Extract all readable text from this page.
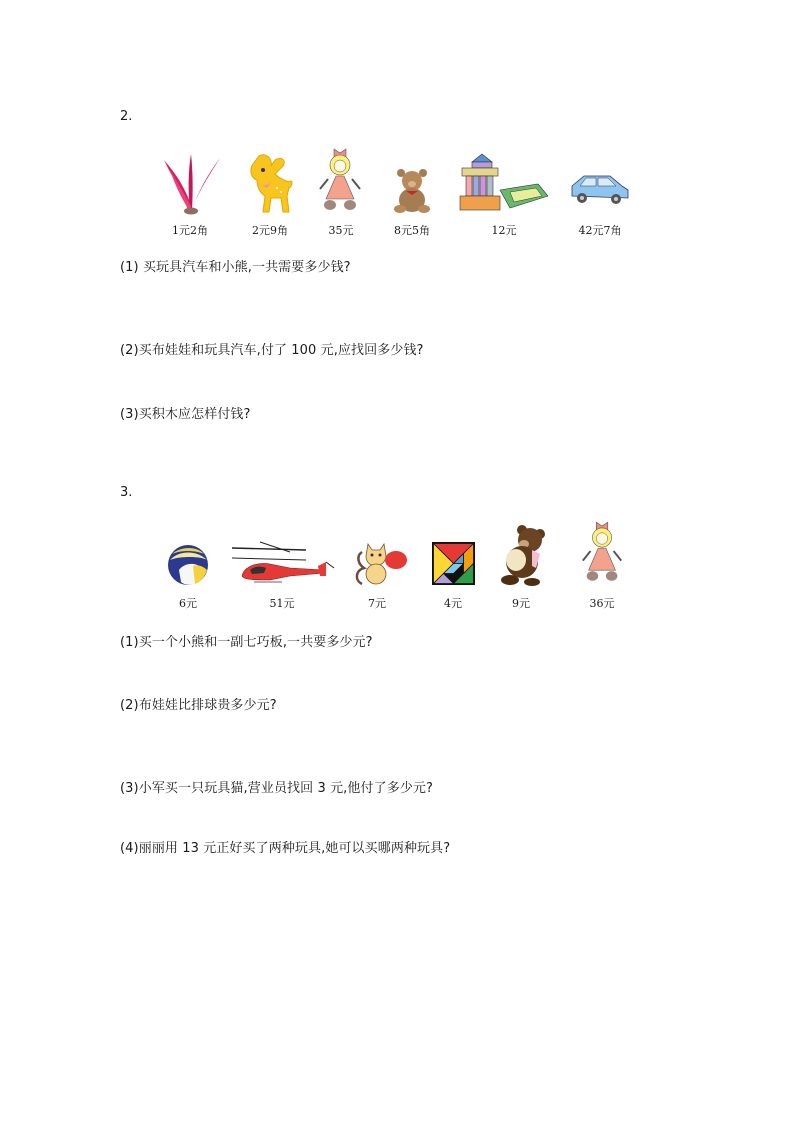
2.
1元2角	2元9角	35元	8元5角	12元	42元7角
(1) 买玩具汽车和小熊,一共需要多少钱?
(2)买布娃娃和玩具汽车,付了 100 元,应找回多少钱?
(3)买积木应怎样付钱?
3.
6元	51元	7元	4元	9元	36元
(1)买一个小熊和一副七巧板,一共要多少元?
(2)布娃娃比排球贵多少元?
(3)小军买一只玩具猫,营业员找回 3 元,他付了多少元?
(4)丽丽用 13 元正好买了两种玩具,她可以买哪两种玩具?
